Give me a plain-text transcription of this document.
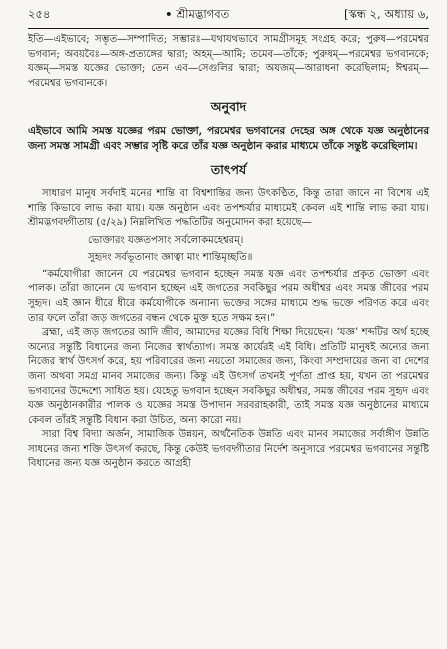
২৫৪	• শ্রীমদ্ভাগবত	[স্কন্ধ ২, অধ্যায় ৬,

ইতি—এইভাবে; সম্ভৃত—সম্পাদিত; সম্ভারঃ—যথাযথভাবে সামগ্রীসমূহ সংগ্রহ করে; পুরুষ—পরমেশ্বর ভগবান; অবয়বৈঃ—অঙ্গ-প্রত্যঙ্গের দ্বারা; অহম্—আমি; তমেব—তাঁকে; পুরুষম্—পরমেশ্বর ভগবানকে; যজ্ঞম্—সমস্ত যজ্ঞের ভোক্তা; তেন এব—সেগুলির দ্বারা; অযজম্—আরাধনা করেছিলাম; ঈশ্বরম্—পরমেশ্বর ভগবানকে।

অনুবাদ

এইভাবে আমি সমস্ত যজ্ঞের পরম ভোক্তা, পরমেশ্বর ভগবানের দেহের অঙ্গ থেকে যজ্ঞ অনুষ্ঠানের জন্য সমস্ত সামগ্রী এবং সম্ভার সৃষ্টি করে তাঁর যজ্ঞ অনুষ্ঠান করার মাধ্যমে তাঁকে সন্তুষ্ট করেছিলাম।

তাৎপর্য

সাধারণ মানুষ সর্বদাই মনের শান্তি বা বিশ্বশান্তির জন্য উৎকণ্ঠিত, কিন্তু তারা জানে না বিশেষ এই শান্তি কিভাবে লাভ করা যায়। যজ্ঞ অনুষ্ঠান এবং তপশ্চর্যার মাধ্যমেই কেবল এই শান্তি লাভ করা যায়। শ্রীমদ্ভগবদ্গীতায় (৫/২৯) নিম্নলিখিত পদ্ধতিটির অনুমোদন করা হয়েছে—

ভোক্তারং যজ্ঞতপসাং সর্বলোকমহেশ্বরম্।
সুহৃদং সর্বভূতানাং জ্ঞাত্বা মাং শান্তিমৃচ্ছতি॥

“কর্মযোগীরা জানেন যে পরমেশ্বর ভগবান হচ্ছেন সমস্ত যজ্ঞ এবং তপশ্চর্যার প্রকৃত ভোক্তা এবং পালক। তাঁরা জানেন যে ভগবান হচ্ছেন এই জগতের সবকিছুর পরম অধীশ্বর এবং সমস্ত জীবের পরম সুহৃদ। এই জ্ঞান ধীরে ধীরে কর্মযোগীকে অন্যান্য ভক্তের সঙ্গের মাধ্যমে শুদ্ধ ভক্তে পরিণত করে এবং তার ফলে তাঁরা জড় জগতের বন্ধন থেকে মুক্ত হতে সক্ষম হন।”

ব্রহ্মা, এই জড় জগতের আদি জীব, আমাদের যজ্ঞের বিধি শিক্ষা দিয়েছেন। ‘যজ্ঞ’ শব্দটির অর্থ হচ্ছে অন্যের সন্তুষ্টি বিধানের জন্য নিজের স্বার্থত্যাগ। সমস্ত কার্যেরই এই বিধি। প্রতিটি মানুষই অন্যের জন্য নিজের স্বার্থ উৎসর্গ করে, হয় পরিবারের জন্য নয়তো সমাজের জন্য, কিংবা সম্প্রদায়ের জন্য বা দেশের জন্য অথবা সমগ্র মানব সমাজের জন্য। কিন্তু এই উৎসর্গ তখনই পূর্ণতা প্রাপ্ত হয়, যখন তা পরমেশ্বর ভগবানের উদ্দেশ্যে সাধিত হয়। যেহেতু ভগবান হচ্ছেন সবকিছুর অধীশ্বর, সমস্ত জীবের পরম সুহৃদ এবং যজ্ঞ অনুষ্ঠানকারীর পালক ও যজ্ঞের সমস্ত উপাদান সরবরাহকারী, তাই সমস্ত যজ্ঞ অনুষ্ঠানের মাধ্যমে কেবল তাঁরই সন্তুষ্টি বিধান করা উচিত, অন্য কারো নয়।

সারা বিশ্ব বিদ্যা অর্জন, সামাজিক উন্নয়ন, অর্থনৈতিক উন্নতি এবং মানব সমাজের সর্বাঙ্গীণ উন্নতি সাধনের জন্য শক্তি উৎসর্গ করছে, কিন্তু কেউই ভগবদ্গীতার নির্দেশ অনুসারে পরমেশ্বর ভগবানের সন্তুষ্টি বিধানের জন্য যজ্ঞ অনুষ্ঠান করতে আগ্রহী
